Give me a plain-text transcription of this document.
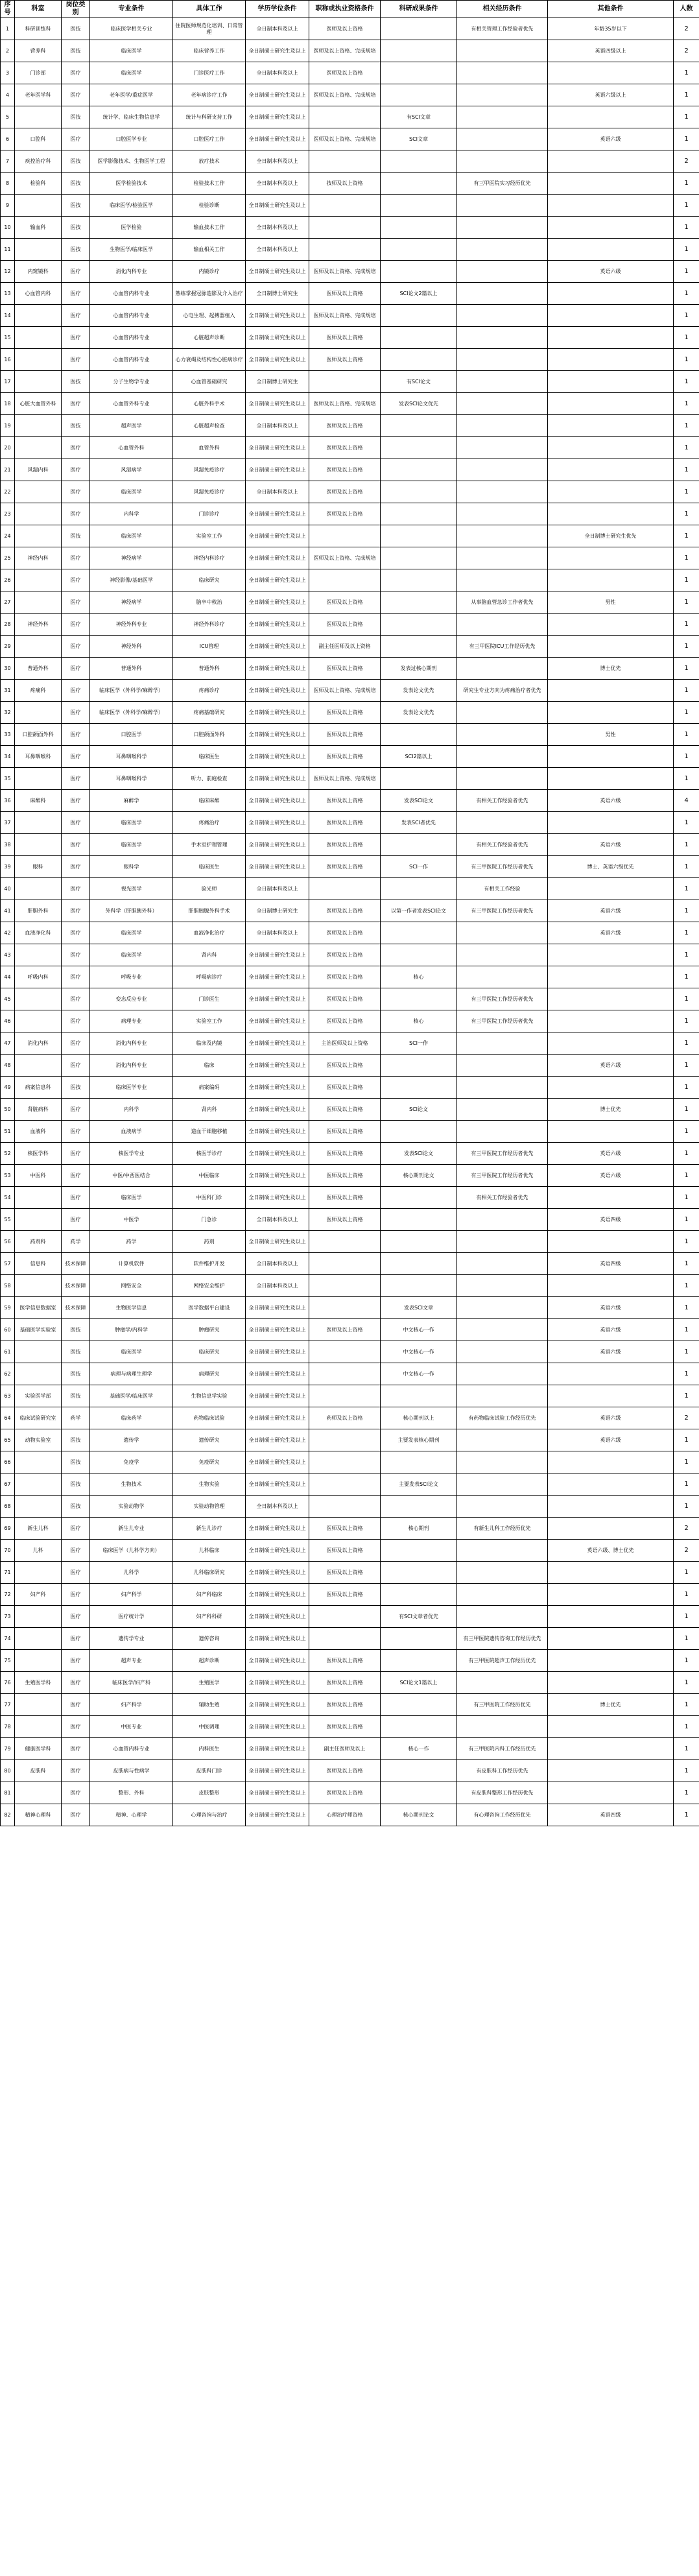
序号	科室	岗位类别	专业条件	具体工作	学历学位条件	职称或执业资格条件	科研成果条件	相关经历条件	其他条件	人数
1	科研训练科	医技	临床医学相关专业	住院医师规范化培训、日常管理	全日制本科及以上	医师及以上资格		有相关管理工作经验者优先	年龄35岁以下	2
2	营养科	医技	临床医学	临床营养工作	全日制硕士研究生及以上	医师及以上资格、完成规培			英语四级以上	2
3	门诊部	医疗	临床医学	门诊医疗工作	全日制本科及以上	医师及以上资格				1
4	老年医学科	医疗	老年医学/重症医学	老年病诊疗工作	全日制硕士研究生及以上	医师及以上资格、完成规培			英语六级以上	1
5		医技	统计学、临床生物信息学	统计与科研支持工作	全日制硕士研究生及以上		有SCI文章			1
6	口腔科	医疗	口腔医学专业	口腔医疗工作	全日制硕士研究生及以上	医师及以上资格、完成规培	SCI文章		英语六级	1
7	疾控治疗科	医技	医学影像技术、生物医学工程	放疗技术	全日制本科及以上					2
8	检验科	医技	医学检验技术	检验技术工作	全日制本科及以上	技师及以上资格		有三甲医院实习经历优先		1
9		医技	临床医学/检验医学	检验诊断	全日制硕士研究生及以上					1
10	输血科	医技	医学检验	输血技术工作	全日制本科及以上					1
11		医技	生物医学/临床医学	输血相关工作	全日制本科及以上					1
12	内窥镜科	医疗	消化内科专业	内镜诊疗	全日制硕士研究生及以上	医师及以上资格、完成规培			英语六级	1
13	心血管内科	医疗	心血管内科专业	熟练掌握冠脉造影及介入治疗	全日制博士研究生	医师及以上资格	SCI论文2篇以上			1
14		医疗	心血管内科专业	心电生理、起搏器植入	全日制硕士研究生及以上	医师及以上资格、完成规培				1
15		医疗	心血管内科专业	心脏超声诊断	全日制硕士研究生及以上	医师及以上资格				1
16		医疗	心血管内科专业	心力衰竭及结构性心脏病诊疗	全日制硕士研究生及以上	医师及以上资格				1
17		医技	分子生物学专业	心血管基础研究	全日制博士研究生		有SCI论文			1
18	心脏大血管外科	医疗	心血管外科专业	心脏外科手术	全日制硕士研究生及以上	医师及以上资格、完成规培	发表SCI论文优先			1
19		医技	超声医学	心脏超声检查	全日制本科及以上	医师及以上资格				1
20		医疗	心血管外科	血管外科	全日制硕士研究生及以上	医师及以上资格				1
21	风湿内科	医疗	风湿病学	风湿免疫诊疗	全日制硕士研究生及以上	医师及以上资格				1
22		医疗	临床医学	风湿免疫诊疗	全日制本科及以上	医师及以上资格				1
23		医疗	内科学	门诊诊疗	全日制硕士研究生及以上	医师及以上资格				1
24		医技	临床医学	实验室工作	全日制硕士研究生及以上				全日制博士研究生优先	1
25	神经内科	医疗	神经病学	神经内科诊疗	全日制硕士研究生及以上	医师及以上资格、完成规培				1
26		医疗	神经影像/基础医学	临床研究	全日制硕士研究生及以上					1
27		医疗	神经病学	脑卒中救治	全日制硕士研究生及以上	医师及以上资格		从事脑血管急诊工作者优先	男性	1
28	神经外科	医疗	神经外科专业	神经外科诊疗	全日制硕士研究生及以上	医师及以上资格				1
29		医疗	神经外科	ICU管理	全日制硕士研究生及以上	副主任医师及以上资格		有三甲医院ICU工作经历优先		1
30	普通外科	医疗	普通外科	普通外科	全日制硕士研究生及以上	医师及以上资格	发表过核心期刊		博士优先	1
31	疼痛科	医疗	临床医学（外科学/麻醉学）	疼痛诊疗	全日制硕士研究生及以上	医师及以上资格、完成规培	发表论文优先	研究生专业方向为疼痛治疗者优先		1
32		医疗	临床医学（外科学/麻醉学）	疼痛基础研究	全日制硕士研究生及以上	医师及以上资格	发表论文优先			1
33	口腔颌面外科	医疗	口腔医学	口腔颌面外科	全日制硕士研究生及以上	医师及以上资格			男性	1
34	耳鼻咽喉科	医疗	耳鼻咽喉科学	临床医生	全日制硕士研究生及以上	医师及以上资格	SCI2篇以上			1
35		医疗	耳鼻咽喉科学	听力、前庭检查	全日制硕士研究生及以上	医师及以上资格、完成规培				1
36	麻醉科	医疗	麻醉学	临床麻醉	全日制硕士研究生及以上	医师及以上资格	发表SCI论文	有相关工作经验者优先	英语六级	4
37		医疗	临床医学	疼痛治疗	全日制硕士研究生及以上	医师及以上资格	发表SCI者优先			1
38		医疗	临床医学	手术室护理管理	全日制硕士研究生及以上	医师及以上资格		有相关工作经验者优先	英语六级	1
39	眼科	医疗	眼科学	临床医生	全日制硕士研究生及以上	医师及以上资格	SCI一作	有三甲医院工作经历者优先	博士、英语六级优先	1
40		医疗	视光医学	验光师	全日制本科及以上			有相关工作经验		1
41	肝胆外科	医疗	外科学（肝胆胰外科）	肝胆胰腺外科手术	全日制博士研究生	医师及以上资格	以第一作者发表SCI论文	有三甲医院工作经历者优先	英语六级	1
42	血液净化科	医疗	临床医学	血液净化治疗	全日制本科及以上	医师及以上资格			英语六级	1
43		医疗	临床医学	肾内科	全日制硕士研究生及以上	医师及以上资格				1
44	呼吸内科	医疗	呼吸专业	呼吸病诊疗	全日制硕士研究生及以上	医师及以上资格	核心			1
45		医疗	变态反应专业	门诊医生	全日制硕士研究生及以上	医师及以上资格		有三甲医院工作经历者优先		1
46		医疗	病理专业	实验室工作	全日制硕士研究生及以上	医师及以上资格	核心	有三甲医院工作经历者优先		1
47	消化内科	医疗	消化内科专业	临床及内镜	全日制硕士研究生及以上	主治医师及以上资格	SCI一作			1
48		医疗	消化内科专业	临床	全日制硕士研究生及以上	医师及以上资格			英语六级	1
49	病案信息科	医技	临床医学专业	病案编码	全日制硕士研究生及以上	医师及以上资格				1
50	肾脏病科	医疗	内科学	肾内科	全日制硕士研究生及以上	医师及以上资格	SCI论文		博士优先	1
51	血液科	医疗	血液病学	造血干细胞移植	全日制硕士研究生及以上	医师及以上资格				1
52	核医学科	医疗	核医学专业	核医学诊疗	全日制硕士研究生及以上	医师及以上资格	发表SCI论文	有三甲医院工作经历者优先	英语六级	1
53	中医科	医疗	中医/中西医结合	中医临床	全日制硕士研究生及以上	医师及以上资格	核心期刊论文	有三甲医院工作经历者优先	英语六级	1
54		医疗	临床医学	中医科门诊	全日制硕士研究生及以上	医师及以上资格		有相关工作经验者优先		1
55		医疗	中医学	门急诊	全日制本科及以上	医师及以上资格			英语四级	1
56	药剂科	药学	药学	药剂	全日制硕士研究生及以上					1
57	信息科	技术保障	计算机软件	软件维护开发	全日制本科及以上				英语四级	1
58		技术保障	网络安全	网络安全维护	全日制本科及以上					1
59	医学信息数据室	技术保障	生物医学信息	医学数据平台建设	全日制硕士研究生及以上		发表SCI文章		英语六级	1
60	基础医学实验室	医技	肿瘤学/内科学	肿瘤研究	全日制硕士研究生及以上	医师及以上资格	中文核心一作		英语六级	1
61		医技	临床医学	临床研究	全日制硕士研究生及以上		中文核心一作		英语六级	1
62		医技	病理与病理生理学	病理研究	全日制硕士研究生及以上		中文核心一作			1
63	实验医学部	医技	基础医学/临床医学	生物信息学实验	全日制硕士研究生及以上					1
64	临床试验研究室	药学	临床药学	药物临床试验	全日制硕士研究生及以上	药师及以上资格	核心期刊以上	有药物临床试验工作经历优先	英语六级	2
65	动物实验室	医技	遗传学	遗传研究	全日制硕士研究生及以上		主要发表核心期刊		英语六级	1
66		医技	免疫学	免疫研究	全日制硕士研究生及以上					1
67		医技	生物技术	生物实验	全日制硕士研究生及以上		主要发表SCI论文			1
68		医技	实验动物学	实验动物管理	全日制本科及以上					1
69	新生儿科	医疗	新生儿专业	新生儿诊疗	全日制硕士研究生及以上	医师及以上资格	核心期刊	有新生儿科工作经历优先		2
70	儿科	医疗	临床医学（儿科学方向）	儿科临床	全日制硕士研究生及以上	医师及以上资格			英语六级、博士优先	2
71		医疗	儿科学	儿科临床研究	全日制硕士研究生及以上	医师及以上资格				1
72	妇产科	医疗	妇产科学	妇产科临床	全日制硕士研究生及以上	医师及以上资格				1
73		医疗	医疗统计学	妇产科科研	全日制硕士研究生及以上		有SCI文章者优先			1
74		医疗	遗传学专业	遗传咨询	全日制硕士研究生及以上			有三甲医院遗传咨询工作经历优先		1
75		医疗	超声专业	超声诊断	全日制硕士研究生及以上	医师及以上资格		有三甲医院超声工作经历优先		1
76	生殖医学科	医疗	临床医学/妇产科	生殖医学	全日制硕士研究生及以上	医师及以上资格	SCI论文1篇以上			1
77		医疗	妇产科学	辅助生殖	全日制硕士研究生及以上	医师及以上资格		有三甲医院工作经历优先	博士优先	1
78		医疗	中医专业	中医调理	全日制硕士研究生及以上	医师及以上资格				1
79	健康医学科	医疗	心血管内科专业	内科医生	全日制硕士研究生及以上	副主任医师及以上	核心一作	有三甲医院内科工作经历优先		1
80	皮肤科	医疗	皮肤病与性病学	皮肤科门诊	全日制硕士研究生及以上	医师及以上资格		有皮肤科工作经历优先		1
81		医疗	整形、外科	皮肤整形	全日制硕士研究生及以上	医师及以上资格		有皮肤科整形工作经历优先		1
82	精神心理科	医疗	精神、心理学	心理咨询与治疗	全日制硕士研究生及以上	心理治疗师资格	核心期刊论文	有心理咨询工作经历优先	英语四级	1
